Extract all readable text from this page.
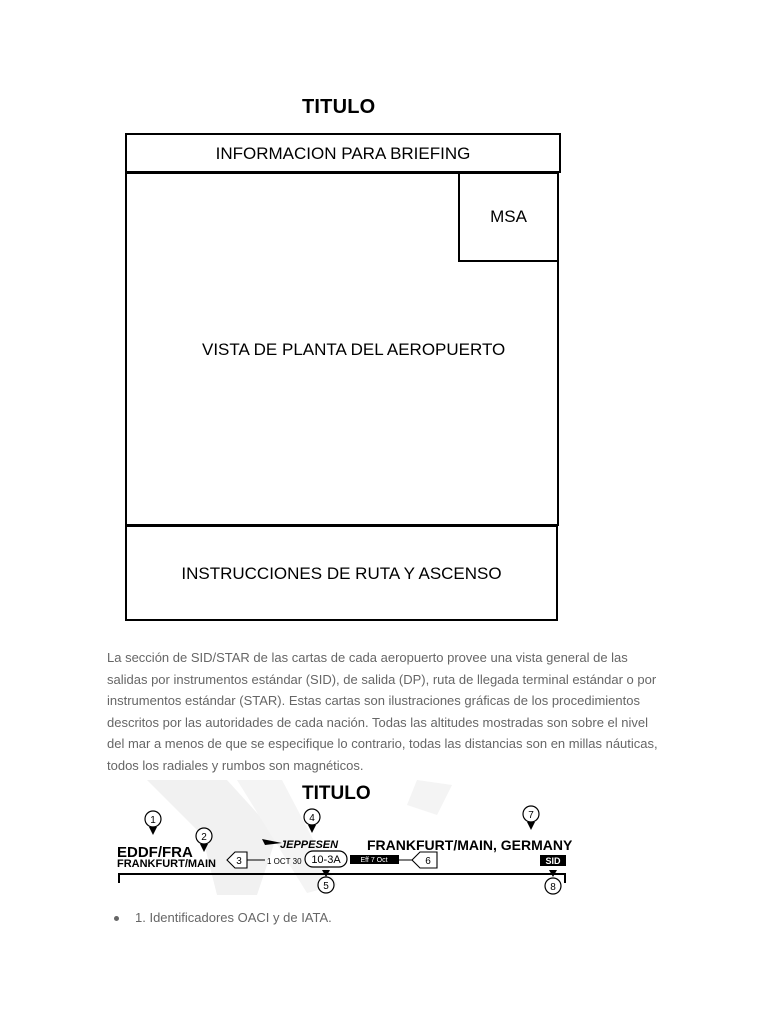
TITULO
VISTA DE PLANTA DEL AEROPUERTO
INFORMACION PARA BRIEFING
MSA
INSTRUCCIONES DE RUTA Y ASCENSO

La sección de SID/STAR de las cartas de cada aeropuerto provee una vista general de las salidas por instrumentos estándar (SID), de salida (DP), ruta de llegada terminal estándar o por instrumentos estándar (STAR). Estas cartas son ilustraciones gráficas de los procedimientos descritos por las autoridades de cada nación. Todas las altitudes mostradas son sobre el nivel del mar a menos de que se especifique lo contrario, todas las distancias son en millas náuticas, todos los radiales y rumbos son magnéticos.

TITULO
1
2
4	7
EDDF/FRA
FRANKFURT/MAIN 3
JEPPESEN
1 OCT 30 10-3A	Eff 7 Oct	6
FRANKFURT/MAIN, GERMANY
SID
5	8
1. Identificadores OACI y de IATA.
